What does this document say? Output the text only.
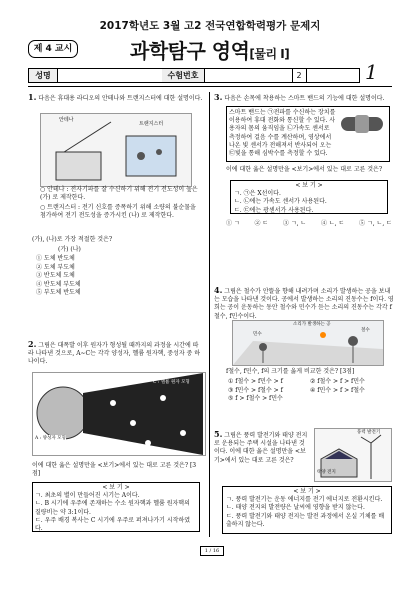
2017학년도 3월 고2 전국연합학력평가 문제지
제 4 교시	과학탐구 영역[물리 Ⅰ]
성명	수험번호	2	1
1. 다음은 휴대용 라디오의 안테나와 트랜지스터에 대한 설명이다.
안테나
트랜지스터
○ 안테나 : 전자기파를 잘 수신하기 위해 전기 전도성이 높은 (가) 로 제작한다.
○ 트랜지스터 : 전기 신호를 증폭하기 위해 소량의 불순물을 첨가하여 전기 전도성을 증가시킨 (나) 로 제작한다.
(가), (나)로 가장 적절한 것은?
(가) (나)
① 도체 반도체
② 도체 부도체
③ 반도체 도체
④ 반도체 부도체
⑤ 부도체 반도체
2. 그림은 대폭발 이후 원자가 형성될 때까지의 과정을 시간에 따라 나타낸 것으로, A~C는 각각 양성자, 헬륨 원자핵, 중성자 중 하나이다.
A : 양성자 모형
B : 헬륨 원자핵 모형
C : 헬륨 원자 모형
이에 대한 옳은 설명만을 <보기>에서 있는 대로 고른 것은? [3점]
< 보 기 >
ㄱ. 최초의 별이 만들어진 시기는 A이다.
ㄴ. B 시기에 우주에 존재하는 수소 원자핵과 헬륨 원자핵의 질량비는 약 3:1이다.
ㄷ. 우주 배경 복사는 C 시기에 우주로 퍼져나가기 시작하였다.
3. 다음은 손목에 착용하는 스마트 밴드의 기능에 대한 설명이다.
스마트 밴드는 ㉠전파를 수신하는 장치를 이용하여 휴대 전화와 통신할 수 있다. 사용자의 몸의 움직임을 ㉡가속도 센서로 측정하여 걸음 수를 계산하며, 영상에서 나온 빛 센서가 전해져서 반사되어 오는 ㉢빛을 통해 심박수를 측정할 수 있다.
이에 대한 옳은 설명만을 <보기>에서 있는 대로 고른 것은?
< 보 기 >
ㄱ. ㉠은 X선이다.
ㄴ. ㉡에는 가속도 센서가 사용된다.
ㄷ. ㉢에는 광센서가 사용된다.
① ㄱ ② ㄷ ③ ㄱ, ㄴ ④ ㄴ, ㄷ ⑤ ㄱ, ㄴ, ㄷ
4. 그림은 철수가 안뜰을 향해 내려가며 소리가 발생하는 공을 보내는 모습을 나타낸 것이다. 공에서 발생하는 소리의 진동수는 f이다. 영희는 공이 운동하는 동안 철수와 민수가 듣는 소리의 진동수는 각각 f철수, f민수이다.
소리가 발생하는 공
민수
철수
f철수, f민수, f의 크기를 옳게 비교한 것은? [3점]
① f철수 > f민수 > f	② f철수 > f > f민수
③ f민수 > f철수 > f	④ f민수 > f > f철수
⑤ f > f철수 > f민수
5. 그림은 풍력 발전기와 태양 전지로 운용되는 주택 시설을 나타낸 것이다. 이에 대한 옳은 설명만을 <보기>에서 있는 대로 고른 것은?
풍력 발전기
태양 전지
< 보 기 >
ㄱ. 풍력 발전기는 운동 에너지를 전기 에너지로 전환시킨다.
ㄴ. 태양 전지의 발전량은 날씨에 영향을 받지 않는다.
ㄷ. 풍력 발전기와 태양 전지는 발전 과정에서 온실 기체를 배출하지 않는다.
1 / 16
